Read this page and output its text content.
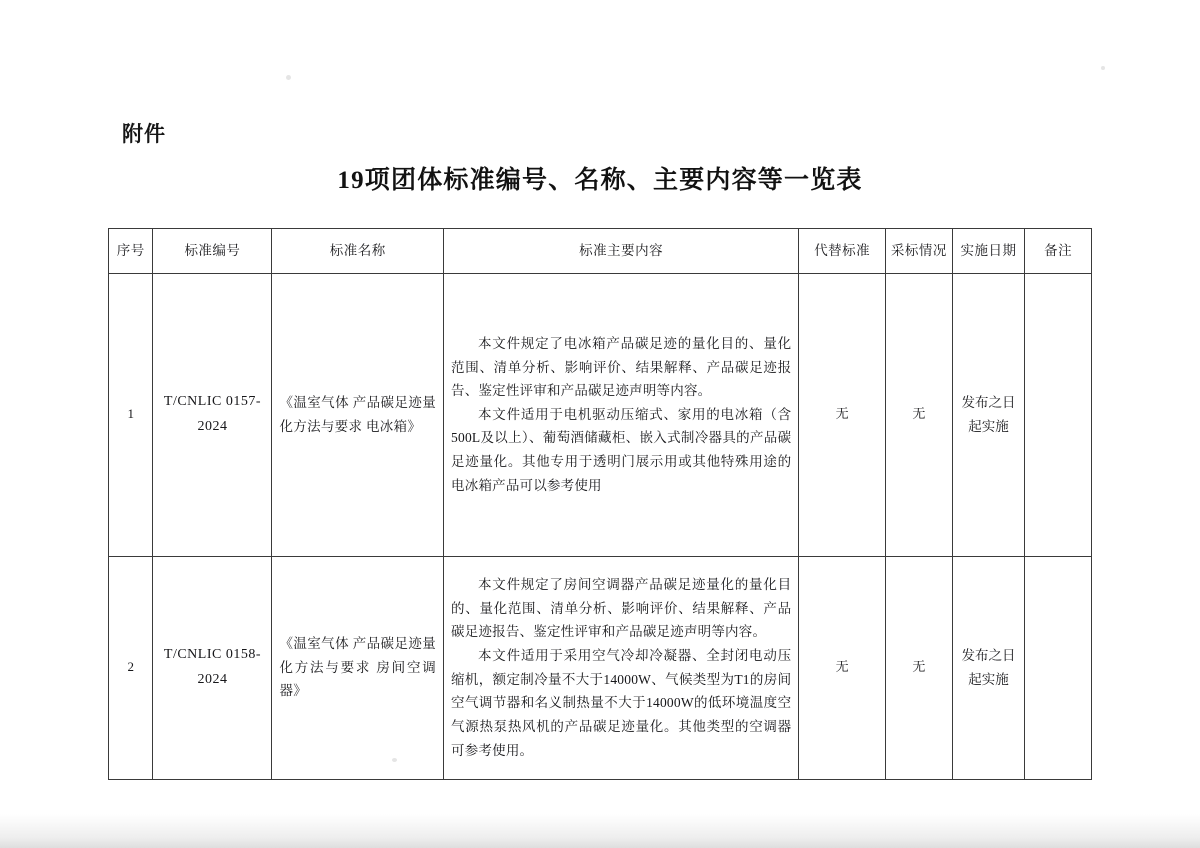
附件
19项团体标准编号、名称、主要内容等一览表
序号	标准编号	标准名称	标准主要内容	代替标准	采标情况	实施日期	备注
1	T/CNLIC 0157-2024	《温室气体 产品碳足迹量化方法与要求 电冰箱》	本文件规定了电冰箱产品碳足迹的量化目的、量化范围、清单分析、影响评价、结果解释、产品碳足迹报告、鉴定性评审和产品碳足迹声明等内容。

本文件适用于电机驱动压缩式、家用的电冰箱（含500L及以上）、葡萄酒储藏柜、嵌入式制冷器具的产品碳足迹量化。其他专用于透明门展示用或其他特殊用途的电冰箱产品可以参考使用	无	无	发布之日起实施	
2	T/CNLIC 0158-2024	《温室气体 产品碳足迹量化方法与要求 房间空调器》	本文件规定了房间空调器产品碳足迹量化的量化目的、量化范围、清单分析、影响评价、结果解释、产品碳足迹报告、鉴定性评审和产品碳足迹声明等内容。

本文件适用于采用空气冷却冷凝器、全封闭电动压缩机，额定制冷量不大于14000W、气候类型为T1的房间空气调节器和名义制热量不大于14000W的低环境温度空气源热泵热风机的产品碳足迹量化。其他类型的空调器可参考使用。	无	无	发布之日起实施	
